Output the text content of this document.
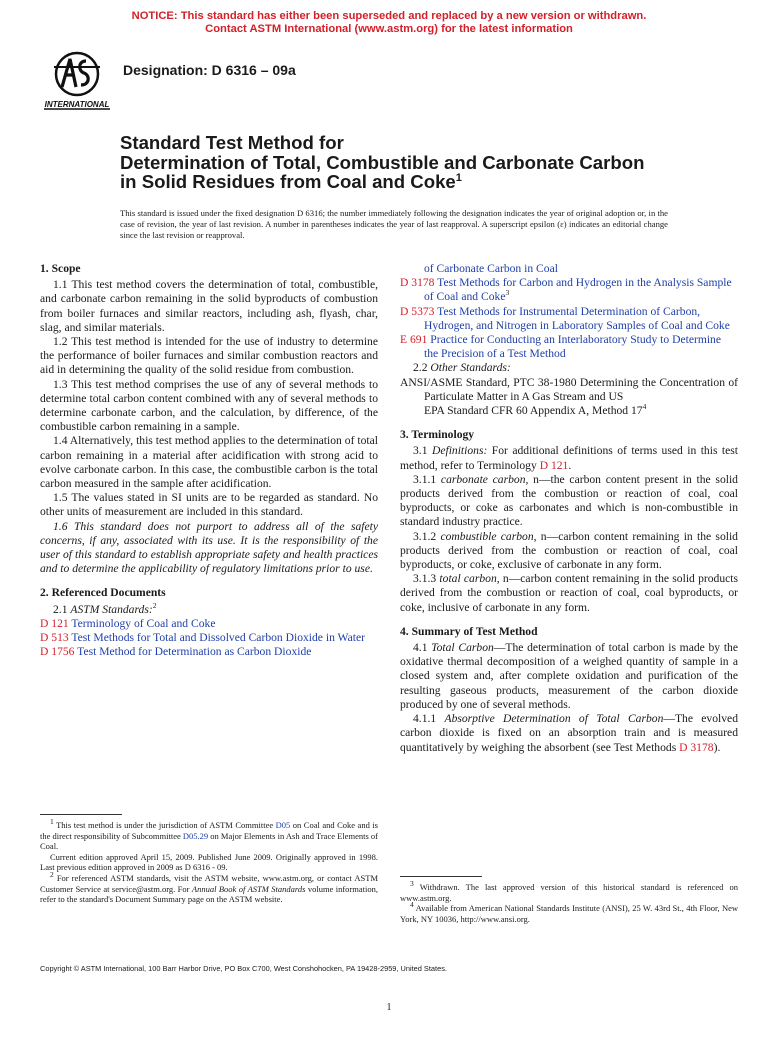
NOTICE: This standard has either been superseded and replaced by a new version or withdrawn.
Contact ASTM International (www.astm.org) for the latest information
INTERNATIONAL
Designation: D 6316 – 09a
Standard Test Method for
Determination of Total, Combustible and Carbonate Carbon
in Solid Residues from Coal and Coke$^1$
This standard is issued under the fixed designation D 6316; the number immediately following the designation indicates the year of original adoption or, in the case of revision, the year of last revision. A number in parentheses indicates the year of last reapproval. A superscript epsilon (ε) indicates an editorial change since the last revision or reapproval.
1. Scope

1.1 This test method covers the determination of total, combustible, and carbonate carbon remaining in the solid byproducts of combustion from boiler furnaces and similar reactors, including ash, flyash, char, slag, and similar materials.

1.2 This test method is intended for the use of industry to determine the performance of boiler furnaces and similar combustion reactors and aid in determining the quality of the solid residue from combustion.

1.3 This test method comprises the use of any of several methods to determine total carbon content combined with any of several methods to determine carbonate carbon, and the calculation, by difference, of the combustible carbon remaining in a sample.

1.4 Alternatively, this test method applies to the determination of total carbon remaining in a material after acidification with strong acid to evolve carbonate carbon. In this case, the combustible carbon is the total carbon measured in the sample after acidification.

1.5 The values stated in SI units are to be regarded as standard. No other units of measurement are included in this standard.

1.6 This standard does not purport to address all of the safety concerns, if any, associated with its use. It is the responsibility of the user of this standard to establish appropriate safety and health practices and to determine the applicability of regulatory limitations prior to use.

2. Referenced Documents

2.1 ASTM Standards:$^2$

D 121 Terminology of Coal and Coke

D 513 Test Methods for Total and Dissolved Carbon Dioxide in Water

D 1756 Test Method for Determination as Carbon Dioxide

$^1$ This test method is under the jurisdiction of ASTM Committee D05 on Coal and Coke and is the direct responsibility of Subcommittee D05.29 on Major Elements in Ash and Trace Elements of Coal.

Current edition approved April 15, 2009. Published June 2009. Originally approved in 1998. Last previous edition approved in 2009 as D 6316 - 09.

$^2$ For referenced ASTM standards, visit the ASTM website, www.astm.org, or contact ASTM Customer Service at service@astm.org. For Annual Book of ASTM Standards volume information, refer to the standard's Document Summary page on the ASTM website.

of Carbonate Carbon in Coal

D 3178 Test Methods for Carbon and Hydrogen in the Analysis Sample of Coal and Coke$^3$

D 5373 Test Methods for Instrumental Determination of Carbon, Hydrogen, and Nitrogen in Laboratory Samples of Coal and Coke

E 691 Practice for Conducting an Interlaboratory Study to Determine the Precision of a Test Method

2.2 Other Standards:

ANSI/ASME Standard, PTC 38-1980 Determining the Concentration of Particulate Matter in A Gas Stream and US

EPA Standard CFR 60 Appendix A, Method $17^4$

3. Terminology

3.1 Definitions: For additional definitions of terms used in this test method, refer to Terminology D 121.

3.1.1 carbonate carbon, n—the carbon content present in the solid products derived from the combustion or reaction of coal, coal byproducts, or coke as carbonates and which is non-combustible in standard industry practice.

3.1.2 combustible carbon, n—carbon content remaining in the solid products derived from the combustion or reaction of coal, coal byproducts, or coke, exclusive of carbonate in any form.

3.1.3 total carbon, n—carbon content remaining in the solid products derived from the combustion or reaction of coal, coal byproducts, or coke, inclusive of carbonate in any form.

4. Summary of Test Method

4.1 Total Carbon—The determination of total carbon is made by the oxidative thermal decomposition of a weighed quantity of sample in a closed system and, after complete oxidation and purification of the resulting gaseous products, measurement of the carbon dioxide produced by one of several methods.

4.1.1 Absorptive Determination of Total Carbon—The evolved carbon dioxide is fixed on an absorption train and is measured quantitatively by weighing the absorbent (see Test Methods D 3178).

$^3$ Withdrawn. The last approved version of this historical standard is referenced on www.astm.org.

$^4$ Available from American National Standards Institute (ANSI), 25 W. 43rd St., 4th Floor, New York, NY 10036, http://www.ansi.org.

Copyright © ASTM International, 100 Barr Harbor Drive, PO Box C700, West Conshohocken, PA 19428-2959, United States.
1
